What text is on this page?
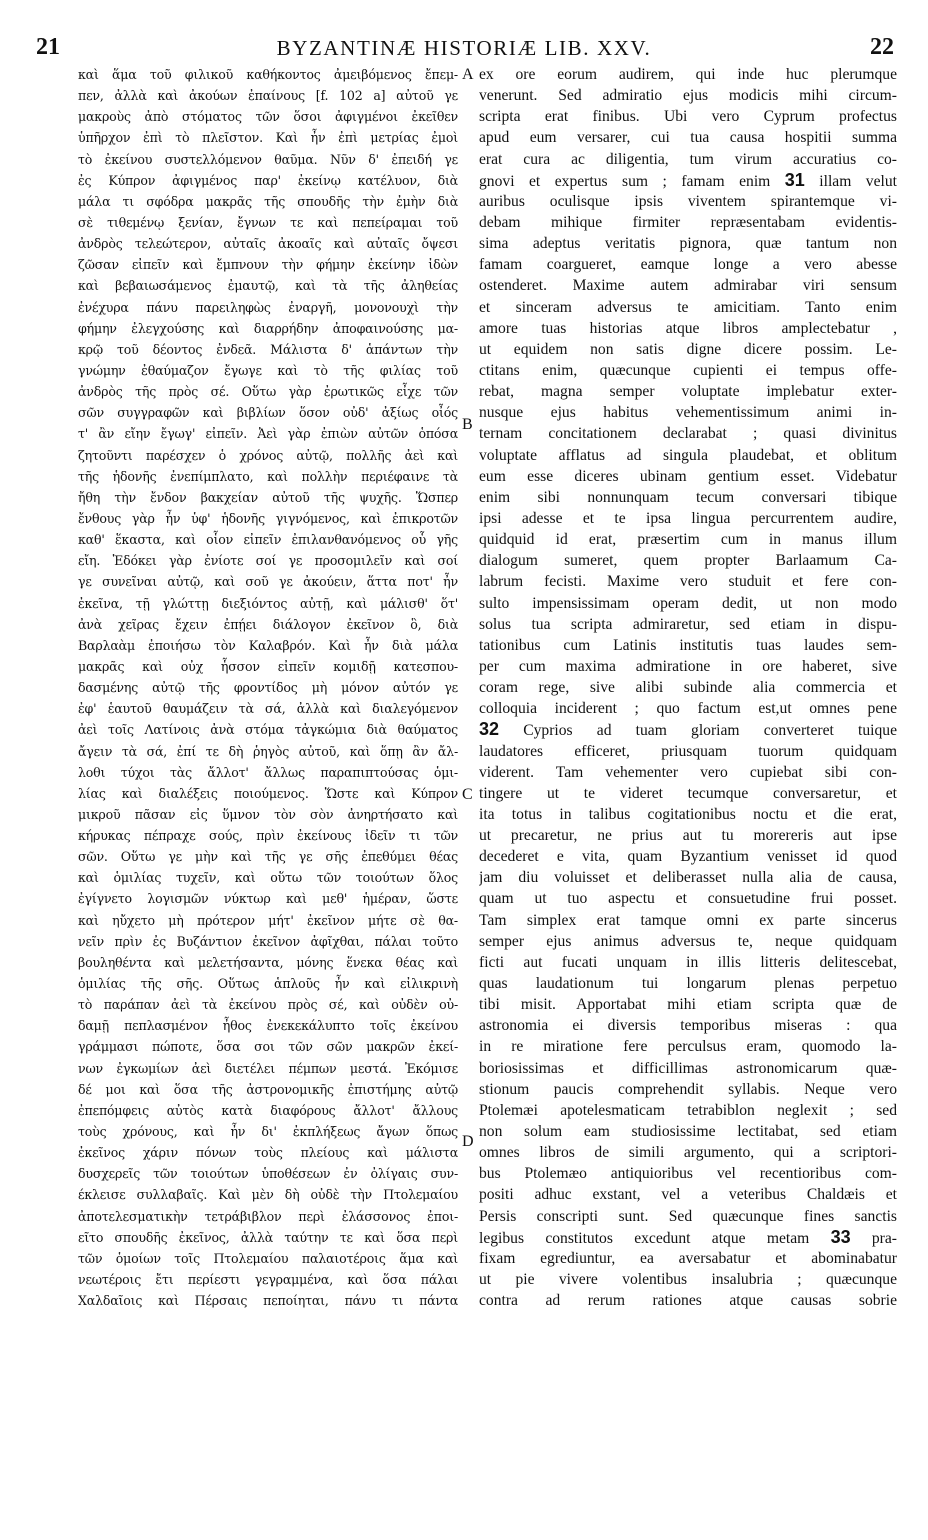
21	BYZANTINÆ HISTORIÆ LIB. XXV.	22
καὶ ἅμα τοῦ φιλικοῦ καθήκοντος ἀμειβόμενος ἔπεμ-
πεν, ἀλλὰ καὶ ἀκούων ἐπαίνους [f. 102 a] αὐτοῦ γε
μακροὺς ἀπὸ στόματος τῶν ὅσοι ἀφιγμένοι ἐκεῖθεν
ὑπῆρχον ἐπὶ τὸ πλεῖστον. Καὶ ἦν ἐπὶ μετρίας ἐμοὶ
τὸ ἐκείνου συστελλόμενον θαῦμα. Νῦν δ' ἐπειδή γε
ἐς Κύπρον ἀφιγμένος παρ' ἐκείνῳ κατέλυον, διὰ
μάλα τι σφόδρα μακρᾶς τῆς σπουδῆς τὴν ἐμὴν διὰ
σὲ τιθεμένῳ ξενίαν, ἔγνων τε καὶ πεπείραμαι τοῦ
ἀνδρὸς τελεώτερον, αὐταῖς ἀκοαῖς καὶ αὐταῖς ὄψεσι
ζῶσαν εἰπεῖν καὶ ἔμπνουν τὴν φήμην ἐκείνην ἰδὼν
καὶ βεβαιωσάμενος ἐμαυτῷ, καὶ τὰ τῆς ἀληθείας
ἐνέχυρα πάνυ παρειληφὼς ἐναργῆ, μονονουχὶ τὴν
φήμην ἐλεγχούσης καὶ διαρρήδην ἀποφαινούσης μα-
κρῷ τοῦ δέοντος ἐνδεᾶ. Μάλιστα δ' ἁπάντων τὴν
γνώμην ἐθαύμαζον ἔγωγε καὶ τὸ τῆς φιλίας τοῦ
ἀνδρὸς τῆς πρὸς σέ. Οὕτω γὰρ ἐρωτικῶς εἶχε τῶν
σῶν συγγραφῶν καὶ βιβλίων ὅσον οὐδ' ἀξίως οἶός
τ' ἂν εἴην ἔγωγ' εἰπεῖν. Ἀεὶ γὰρ ἐπιὼν αὐτῶν ὁπόσα
ζητοῦντι παρέσχεν ὁ χρόνος αὐτῷ, πολλῆς ἀεὶ καὶ
τῆς ἡδονῆς ἐνεπίμπλατο, καὶ πολλὴν περιέφαινε τὰ
ἤθη τὴν ἔνδον βακχείαν αὐτοῦ τῆς ψυχῆς. Ὥσπερ
ἔνθους γὰρ ἦν ὑφ' ἡδονῆς γιγνόμενος, καὶ ἐπικροτῶν
καθ' ἕκαστα, καὶ οἷον εἰπεῖν ἐπιλανθανόμενος οὗ γῆς
εἴη. Ἐδόκει γὰρ ἐνίοτε σοί γε προσομιλεῖν καὶ σοί
γε συνεῖναι αὐτῷ, καὶ σοῦ γε ἀκούειν, ἅττα ποτ' ἦν
ἐκεῖνα, τῇ γλώττῃ διεξιόντος αὐτῇ, καὶ μάλισθ' ὅτ'
ἀνὰ χεῖρας ἔχειν ἐπῄει διάλογον ἐκεῖνον ὃ, διὰ
Βαρλαὰμ ἐποιήσω τὸν Καλαβρόν. Καὶ ἦν διὰ μάλα
μακρᾶς καὶ οὐχ ἧσσον εἰπεῖν κομιδῇ κατεσπου-
δασμένης αὐτῷ τῆς φροντίδος μὴ μόνον αὐτόν γε
ἐφ' ἑαυτοῦ θαυμάζειν τὰ σά, ἀλλὰ καὶ διαλεγόμενον
ἀεὶ τοῖς Λατίνοις ἀνὰ στόμα τἀγκώμια διὰ θαύματος
ἄγειν τὰ σά, ἐπί τε δὴ ῥηγὸς αὐτοῦ, καὶ ὅπῃ ἂν ἄλ-
λοθι τύχοι τὰς ἄλλοτ' ἄλλως παραπιπτούσας ὁμι-
λίας καὶ διαλέξεις ποιούμενος. Ὥστε καὶ Κύπρον
μικροῦ πᾶσαν εἰς ὕμνον τὸν σὸν ἀνηρτήσατο καὶ
κήρυκας πέπραχε σούς, πρὶν ἐκείνους ἰδεῖν τι τῶν
σῶν. Οὕτω γε μὴν καὶ τῆς γε σῆς ἐπεθύμει θέας
καὶ ὁμιλίας τυχεῖν, καὶ οὕτω τῶν τοιούτων ὅλος
ἐγίγνετο λογισμῶν νύκτωρ καὶ μεθ' ἡμέραν, ὥστε
καὶ ηὔχετο μὴ πρότερον μήτ' ἐκεῖνον μήτε σὲ θα-
νεῖν πρὶν ἐς Βυζάντιον ἐκεῖνον ἀφῖχθαι, πάλαι τοῦτο
βουληθέντα καὶ μελετήσαντα, μόνης ἕνεκα θέας καὶ
ὁμιλίας τῆς σῆς. Οὕτως ἁπλοῦς ἦν καὶ εἰλικρινὴ
τὸ παράπαν ἀεὶ τὰ ἐκείνου πρὸς σέ, καὶ οὐδὲν οὐ-
δαμῇ πεπλασμένον ἦθος ἐνεκεκάλυπτο τοῖς ἐκείνου
γράμμασι πώποτε, ὅσα σοι τῶν σῶν μακρῶν ἐκεί-
νων ἐγκωμίων ἀεὶ διετέλει πέμπων μεστά. Ἐκόμισε
δέ μοι καὶ ὅσα τῆς ἀστρονομικῆς ἐπιστήμης αὐτῷ
ἐπεπόμφεις αὐτὸς κατὰ διαφόρους ἄλλοτ' ἄλλους
τοὺς χρόνους, καὶ ἦν δι' ἐκπλήξεως ἄγων ὅπως
ἐκεῖνος χάριν πόνων τοὺς πλείους καὶ μάλιστα
δυσχερεῖς τῶν τοιούτων ὑποθέσεων ἐν ὀλίγαις συν-
έκλεισε συλλαβαῖς. Καὶ μὲν δὴ οὐδὲ τὴν Πτολεμαίου
ἀποτελεσματικὴν τετράβιβλον περὶ ἐλάσσονος ἐποι-
εῖτο σπουδῆς ἐκεῖνος, ἀλλὰ ταύτην τε καὶ ὅσα περὶ
τῶν ὁμοίων τοῖς Πτολεμαίου παλαιοτέροις ἅμα καὶ
νεωτέροις ἔτι περίεστι γεγραμμένα, καὶ ὅσα πάλαι
Χαλδαῖοις καὶ Πέρσαις πεποίηται, πάνυ τι πάντα
ex ore eorum audirem, qui inde huc plerumque
venerunt. Sed admiratio ejus modicis mihi circum-
scripta erat finibus. Ubi vero Cyprum profectus
apud eum versarer, cui tua causa hospitii summa
erat cura ac diligentia, tum virum accuratius co-
gnovi et expertus sum ; famam enim 31 illam velut
auribus oculisque ipsis viventem spirantemque vi-
debam mihique firmiter repræsentabam evidentis-
sima adeptus veritatis pignora, quæ tantum non
famam coargueret, eamque longe a vero abesse
ostenderet. Maxime autem admirabar viri sensum
et sinceram adversus te amicitiam. Tanto enim
amore tuas historias atque libros amplectebatur ,
ut equidem non satis digne dicere possim. Le-
ctitans enim, quæcunque cupienti ei tempus offe-
rebat, magna semper voluptate implebatur exter-
nusque ejus habitus vehementissimum animi in-
ternam concitationem declarabat ; quasi divinitus
voluptate afflatus ad singula plaudebat, et oblitum
eum esse diceres ubinam gentium esset. Videbatur
enim sibi nonnunquam tecum conversari tibique
ipsi adesse et te ipsa lingua percurrentem audire,
quidquid id erat, præsertim cum in manus illum
dialogum sumeret, quem propter Barlaamum Ca-
labrum fecisti. Maxime vero studuit et fere con-
sulto impensissimam operam dedit, ut non modo
solus tua scripta admiraretur, sed etiam in dispu-
tationibus cum Latinis institutis tuas laudes sem-
per cum maxima admiratione in ore haberet, sive
coram rege, sive alibi subinde alia commercia et
colloquia inciderent ; quo factum est,ut omnes pene
32 Cyprios ad tuam gloriam converteret tuique
laudatores efficeret, priusquam tuorum quidquam
viderent. Tam vehementer vero cupiebat sibi con-
tingere ut te videret tecumque conversaretur, et
ita totus in talibus cogitationibus noctu et die erat,
ut precaretur, ne prius aut tu morereris aut ipse
decederet e vita, quam Byzantium venisset id quod
jam diu voluisset et deliberasset nulla alia de causa,
quam ut tuo aspectu et consuetudine frui posset.
Tam simplex erat tamque omni ex parte sincerus
semper ejus animus adversus te, neque quidquam
ficti aut fucati unquam in illis litteris delitescebat,
quas laudationum tui longarum plenas perpetuo
tibi misit. Apportabat mihi etiam scripta quæ de
astronomia ei diversis temporibus miseras : qua
in re miratione fere perculsus eram, quomodo la-
boriosissimas et difficillimas astronomicarum quæ-
stionum paucis comprehendit syllabis. Neque vero
Ptolemæi apotelesmaticam tetrabiblon neglexit ; sed
non solum eam studiosissime lectitabat, sed etiam
omnes libros de simili argumento, qui a scriptori-
bus Ptolemæo antiquioribus vel recentioribus com-
positi adhuc exstant, vel a veteribus Chaldæis et
Persis conscripti sunt. Sed quæcunque fines sanctis
legibus constitutos excedunt atque metam 33 pra-
fixam egrediuntur, ea aversabatur et abominabatur
ut pie vivere volentibus insalubria ; quæcunque
contra ad rerum rationes atque causas sobrie
A
B
C
D
